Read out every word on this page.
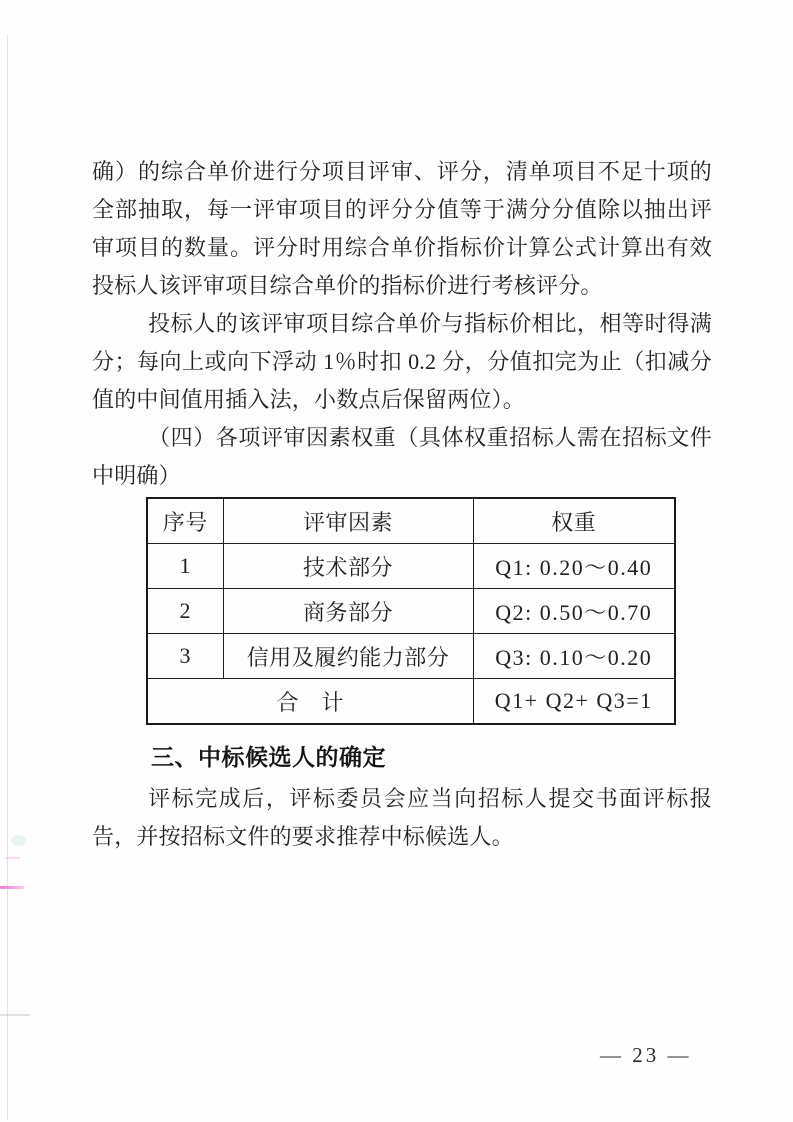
确）的综合单价进行分项目评审、评分，清单项目不足十项的全部抽取，每一评审项目的评分分值等于满分分值除以抽出评审项目的数量。评分时用综合单价指标价计算公式计算出有效投标人该评审项目综合单价的指标价进行考核评分。

投标人的该评审项目综合单价与指标价相比，相等时得满分；每向上或向下浮动 1％时扣 0.2 分，分值扣完为止（扣减分值的中间值用插入法，小数点后保留两位）。

（四）各项评审因素权重（具体权重招标人需在招标文件中明确）

序号	评审因素	权重
1	技术部分	Q1: 0.20～0.40
2	商务部分	Q2: 0.50～0.70
3	信用及履约能力部分	Q3: 0.10～0.20
合　计		Q1+ Q2+ Q3=1
三、中标候选人的确定

评标完成后，评标委员会应当向招标人提交书面评标报告，并按招标文件的要求推荐中标候选人。

— 23 —
